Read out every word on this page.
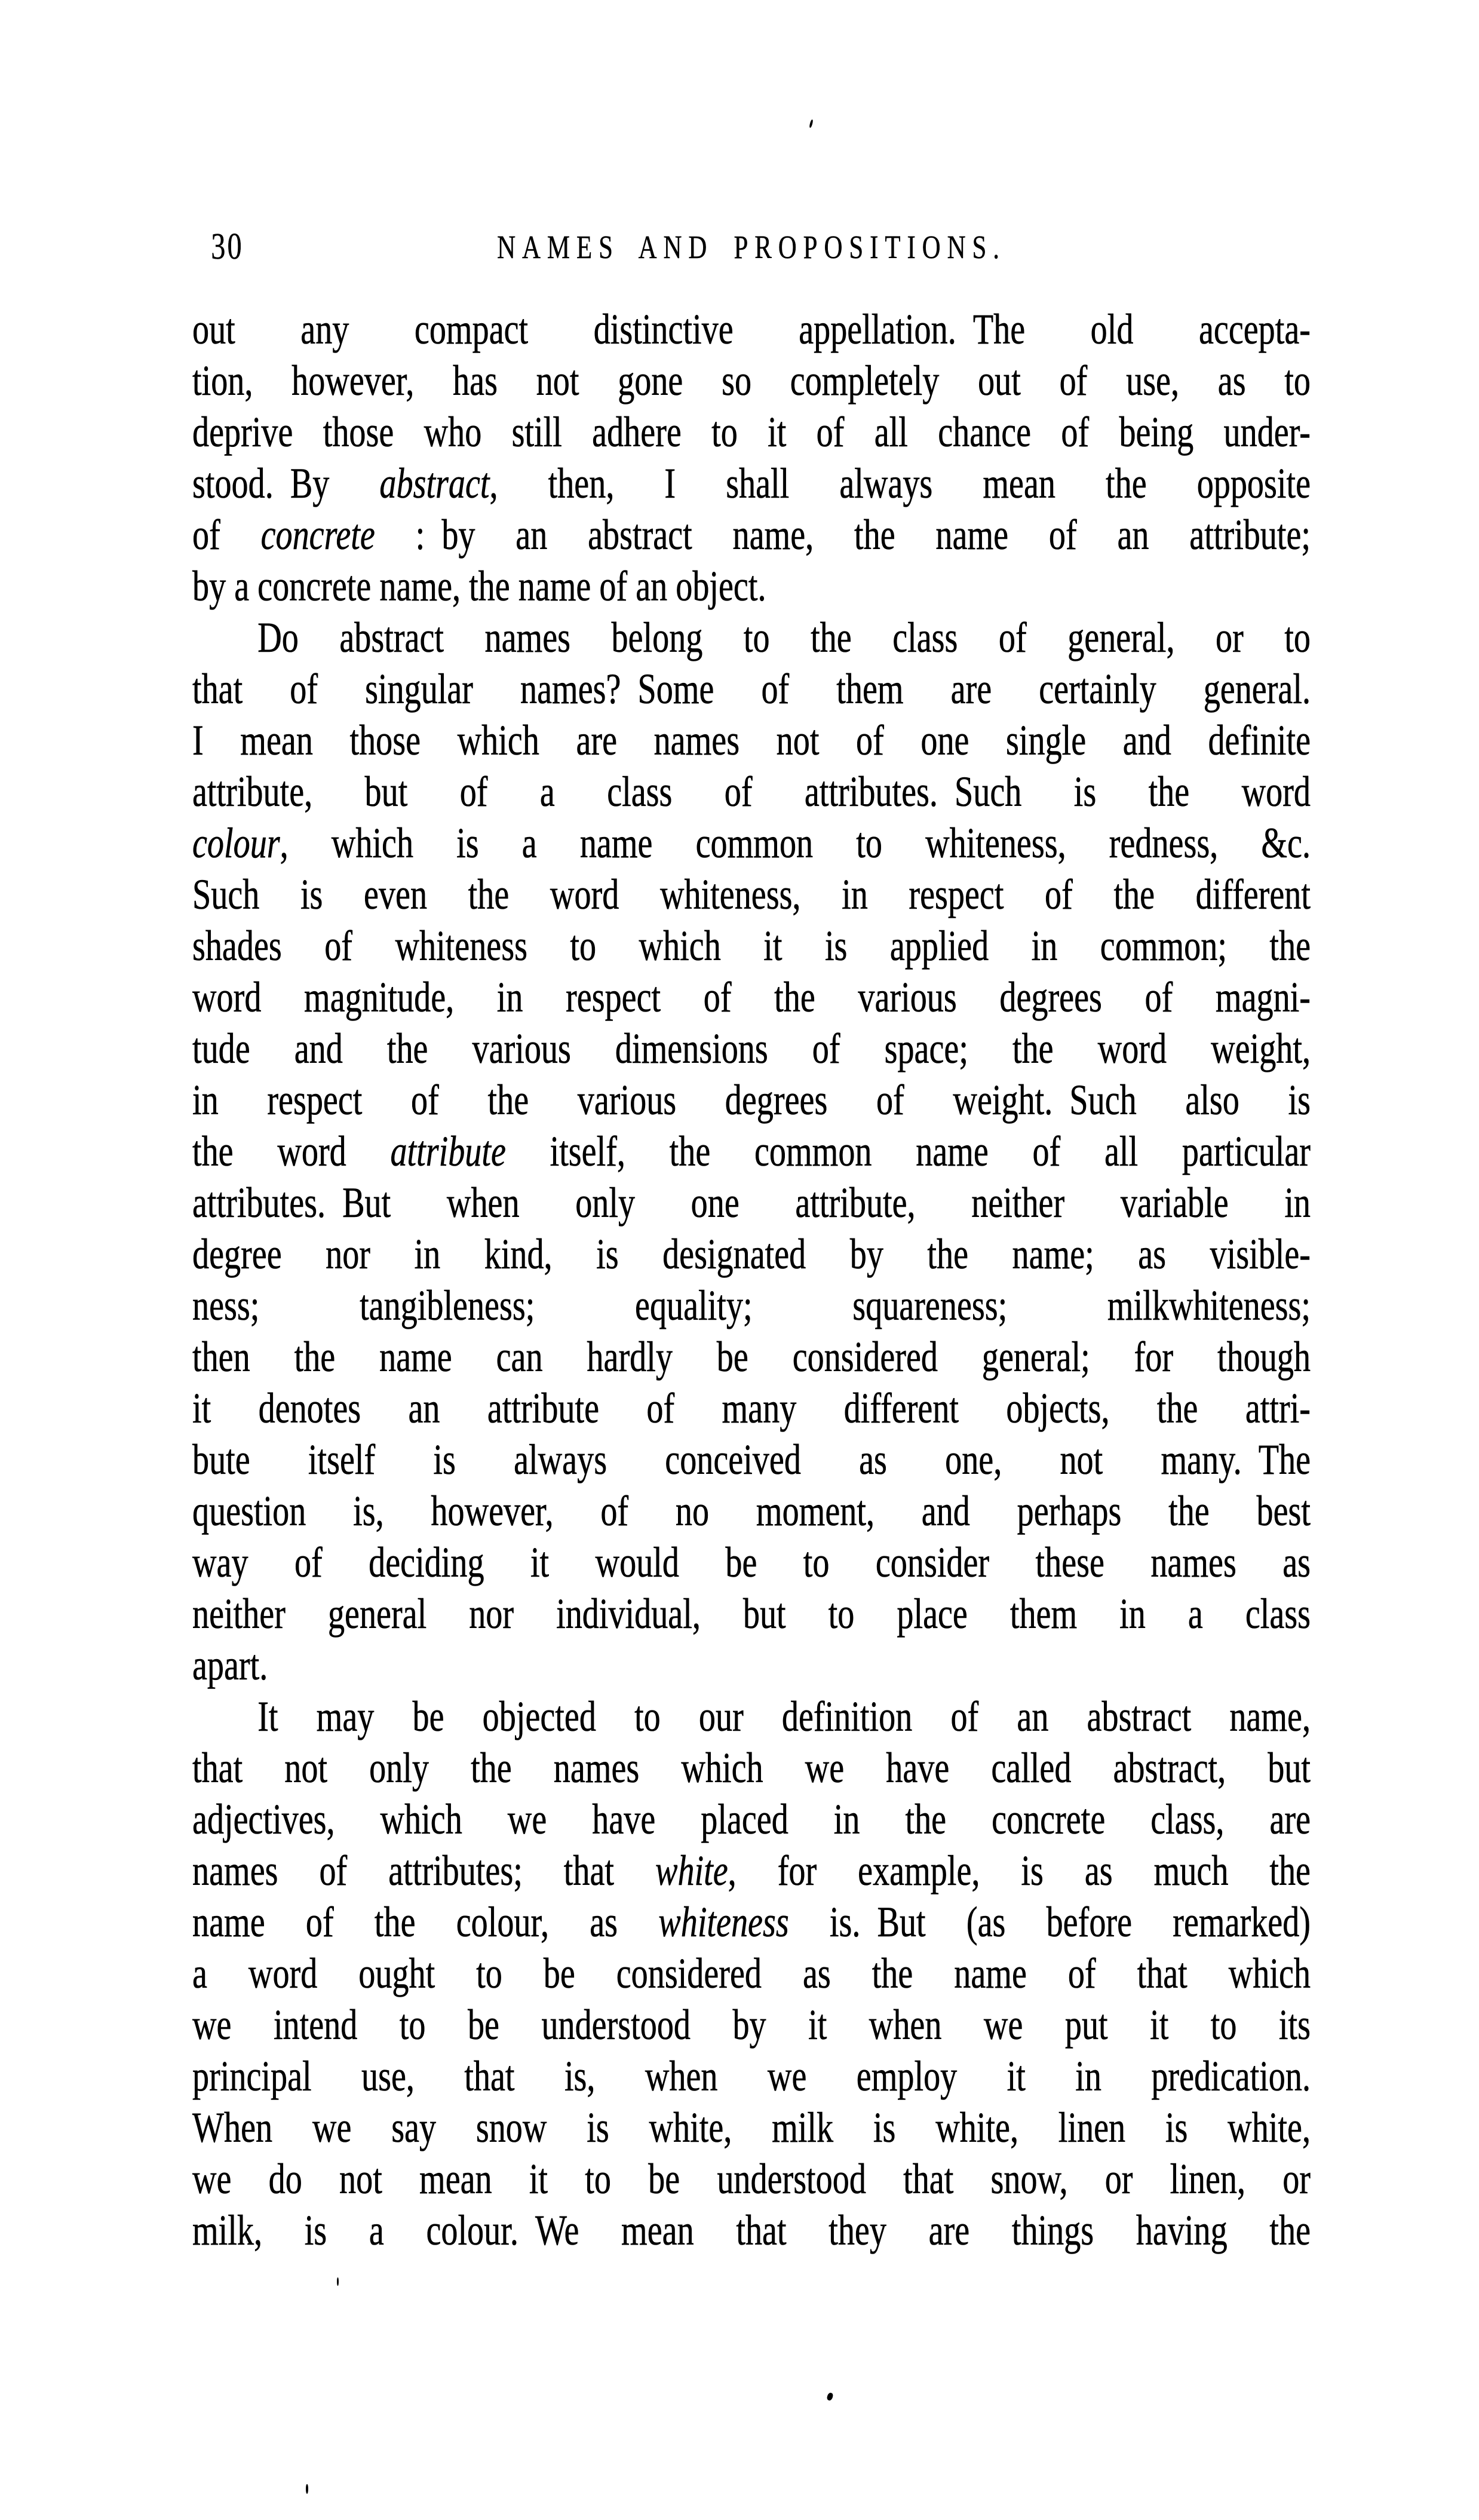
30	NAMES AND PROPOSITIONS.
out any compact distinctive appellation. The old accepta-
tion, however, has not gone so completely out of use, as to
deprive those who still adhere to it of all chance of being under-
stood. By abstract, then, I shall always mean the opposite
of concrete : by an abstract name, the name of an attribute;
by a concrete name, the name of an object.
Do abstract names belong to the class of general, or to
that of singular names? Some of them are certainly general.
I mean those which are names not of one single and definite
attribute, but of a class of attributes. Such is the word
colour, which is a name common to whiteness, redness, &c.
Such is even the word whiteness, in respect of the different
shades of whiteness to which it is applied in common; the
word magnitude, in respect of the various degrees of magni-
tude and the various dimensions of space; the word weight,
in respect of the various degrees of weight. Such also is
the word attribute itself, the common name of all particular
attributes. But when only one attribute, neither variable in
degree nor in kind, is designated by the name; as visible-
ness; tangibleness; equality; squareness; milkwhiteness;
then the name can hardly be considered general; for though
it denotes an attribute of many different objects, the attri-
bute itself is always conceived as one, not many. The
question is, however, of no moment, and perhaps the best
way of deciding it would be to consider these names as
neither general nor individual, but to place them in a class
apart.
It may be objected to our definition of an abstract name,
that not only the names which we have called abstract, but
adjectives, which we have placed in the concrete class, are
names of attributes; that white, for example, is as much the
name of the colour, as whiteness is. But (as before remarked)
a word ought to be considered as the name of that which
we intend to be understood by it when we put it to its
principal use, that is, when we employ it in predication.
When we say snow is white, milk is white, linen is white,
we do not mean it to be understood that snow, or linen, or
milk, is a colour. We mean that they are things having the
